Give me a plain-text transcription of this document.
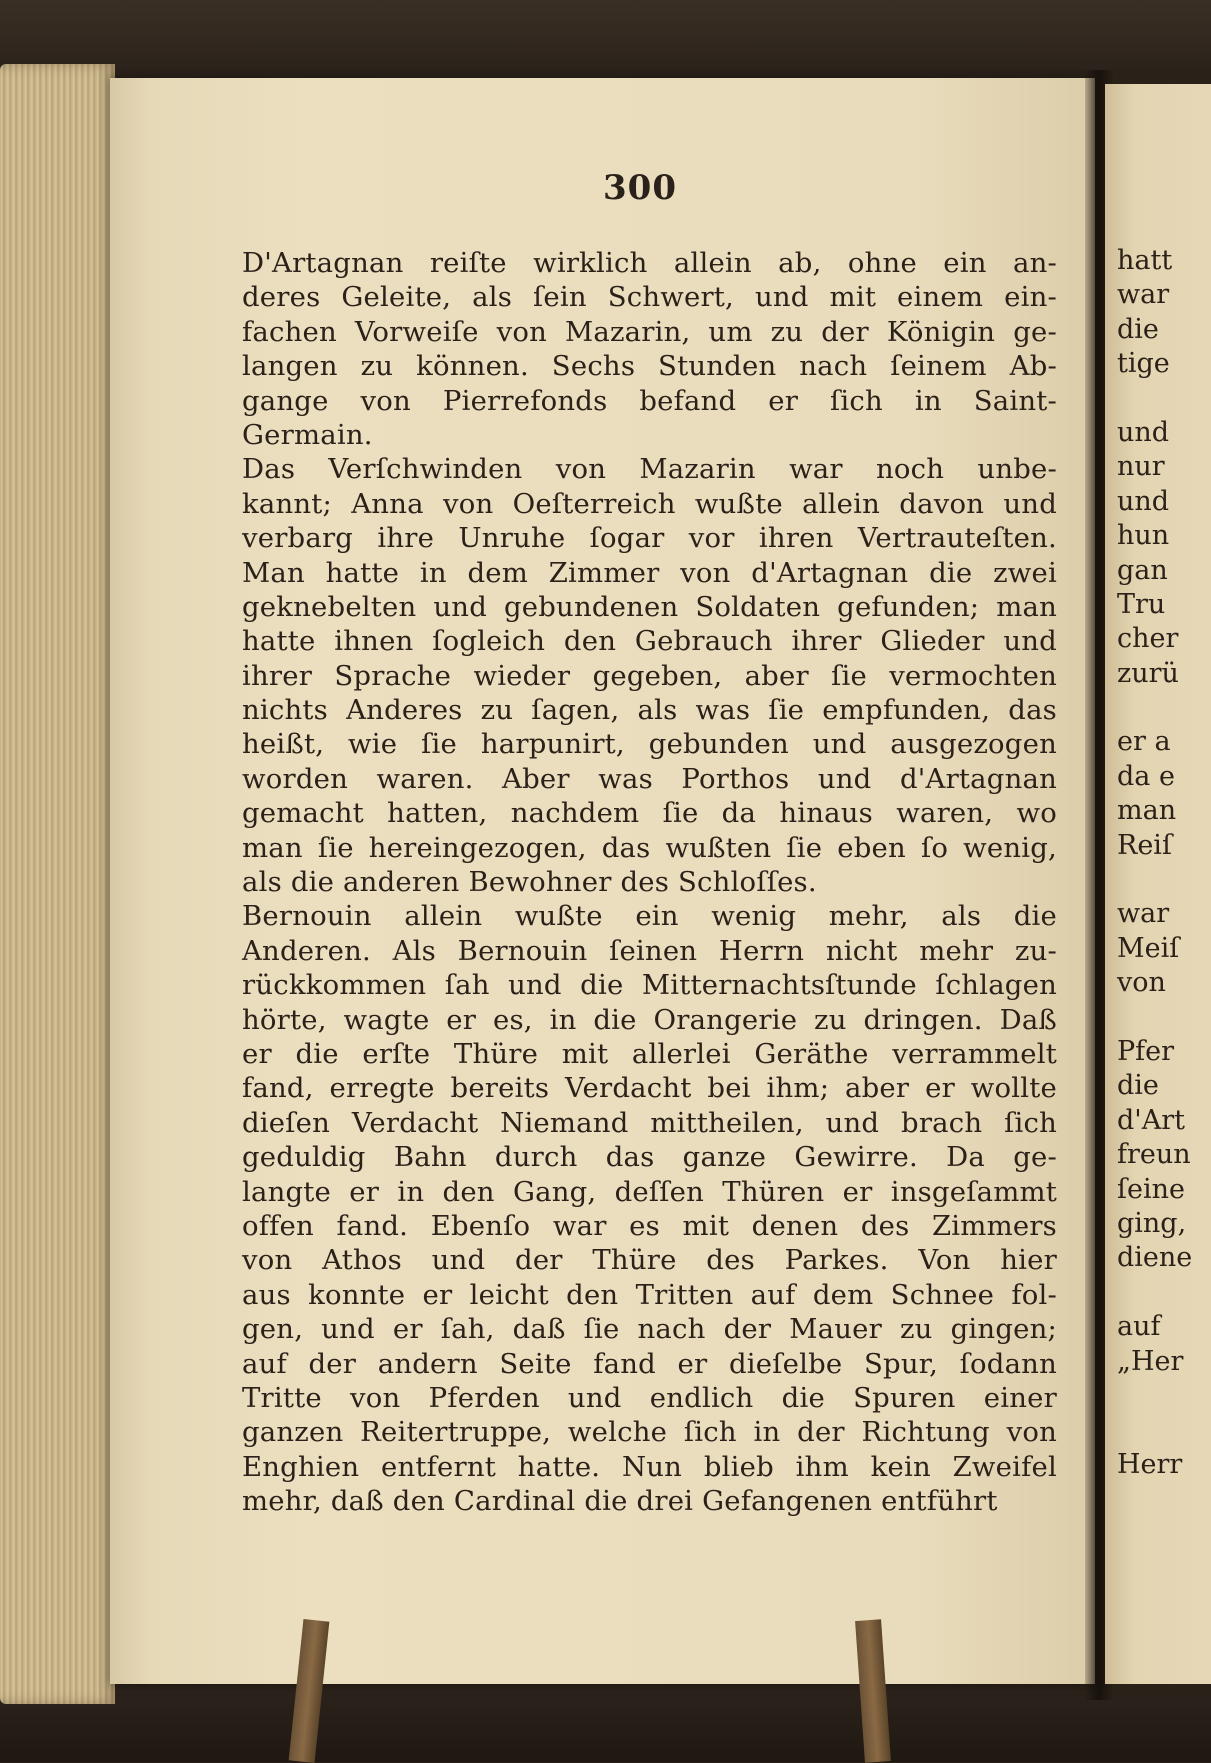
hatt
war
die
tige
und
nur
und
hun
gan
Tru
cher
zurü
er a
da e
man
Reiſ
war
Meiſ
von
Pfer
die
d'Art
freun
ſeine
ging,
diene
auf
„Her
Herr
300
D'Artagnan reiſte wirklich allein ab, ohne ein an-
deres Geleite, als ſein Schwert, und mit einem ein-
fachen Vorweiſe von Mazarin, um zu der Königin ge-
langen zu können. Sechs Stunden nach ſeinem Ab-
gange von Pierrefonds befand er ſich in Saint-
Germain.
Das Verſchwinden von Mazarin war noch unbe-
kannt; Anna von Oeſterreich wußte allein davon und
verbarg ihre Unruhe ſogar vor ihren Vertrauteſten.
Man hatte in dem Zimmer von d'Artagnan die zwei
geknebelten und gebundenen Soldaten gefunden; man
hatte ihnen ſogleich den Gebrauch ihrer Glieder und
ihrer Sprache wieder gegeben, aber ſie vermochten
nichts Anderes zu ſagen, als was ſie empfunden, das
heißt, wie ſie harpunirt, gebunden und ausgezogen
worden waren. Aber was Porthos und d'Artagnan
gemacht hatten, nachdem ſie da hinaus waren, wo
man ſie hereingezogen, das wußten ſie eben ſo wenig,
als die anderen Bewohner des Schloſſes.
Bernouin allein wußte ein wenig mehr, als die
Anderen. Als Bernouin ſeinen Herrn nicht mehr zu-
rückkommen ſah und die Mitternachtsſtunde ſchlagen
hörte, wagte er es, in die Orangerie zu dringen. Daß
er die erſte Thüre mit allerlei Geräthe verrammelt
fand, erregte bereits Verdacht bei ihm; aber er wollte
dieſen Verdacht Niemand mittheilen, und brach ſich
geduldig Bahn durch das ganze Gewirre. Da ge-
langte er in den Gang, deſſen Thüren er insgeſammt
offen fand. Ebenſo war es mit denen des Zimmers
von Athos und der Thüre des Parkes. Von hier
aus konnte er leicht den Tritten auf dem Schnee fol-
gen, und er ſah, daß ſie nach der Mauer zu gingen;
auf der andern Seite fand er dieſelbe Spur, ſodann
Tritte von Pferden und endlich die Spuren einer
ganzen Reitertruppe, welche ſich in der Richtung von
Enghien entfernt hatte. Nun blieb ihm kein Zweifel
mehr, daß den Cardinal die drei Gefangenen entführt
